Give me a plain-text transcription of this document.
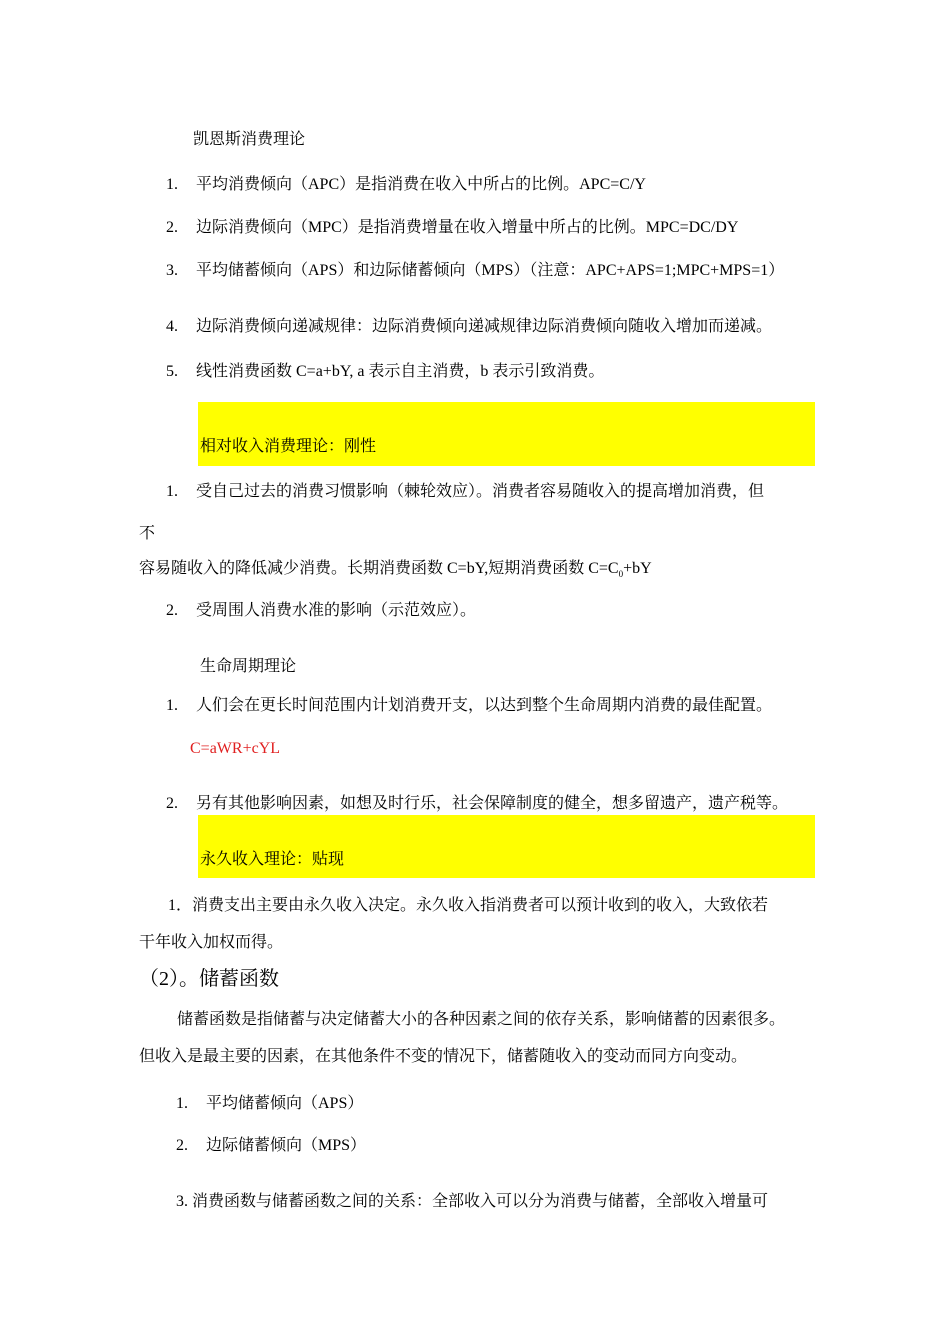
凯恩斯消费理论
1. 平均消费倾向（APC）是指消费在收入中所占的比例。APC=C/Y
2. 边际消费倾向（MPC）是指消费增量在收入增量中所占的比例。MPC=DC/DY
3. 平均储蓄倾向（APS）和边际储蓄倾向（MPS）（注意：APC+APS=1;MPC+MPS=1）
4. 边际消费倾向递减规律：边际消费倾向递减规律边际消费倾向随收入增加而递减。
5. 线性消费函数 C=a+bY, a 表示自主消费，b 表示引致消费。
相对收入消费理论：刚性
1. 受自己过去的消费习惯影响（棘轮效应）。消费者容易随收入的提高增加消费，但
不
容易随收入的降低减少消费。长期消费函数 C=bY,短期消费函数 $C=C_0+bY$
2. 受周围人消费水准的影响（示范效应）。
生命周期理论
1. 人们会在更长时间范围内计划消费开支，以达到整个生命周期内消费的最佳配置。
C=aWR+cYL
2. 另有其他影响因素，如想及时行乐，社会保障制度的健全，想多留遗产，遗产税等。
永久收入理论：贴现
1．消费支出主要由永久收入决定。永久收入指消费者可以预计收到的收入，大致依若
干年收入加权而得。
（2）。储蓄函数
储蓄函数是指储蓄与决定储蓄大小的各种因素之间的依存关系，影响储蓄的因素很多。
但收入是最主要的因素，在其他条件不变的情况下，储蓄随收入的变动而同方向变动。
1. 平均储蓄倾向（APS）
2. 边际储蓄倾向（MPS）
3. 消费函数与储蓄函数之间的关系：全部收入可以分为消费与储蓄，全部收入增量可
